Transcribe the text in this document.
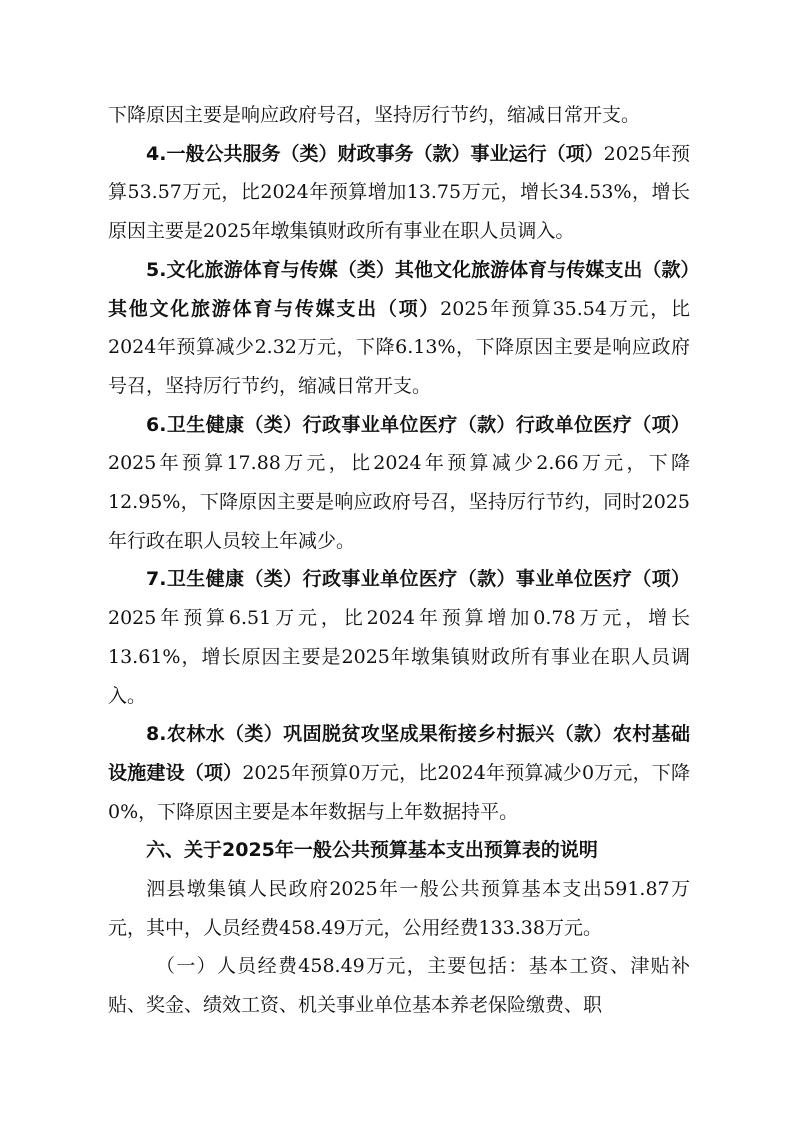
下降原因主要是响应政府号召，坚持厉行节约，缩减日常开支。

4.一般公共服务（类）财政事务（款）事业运行（项）2025年预算53.57万元，比2024年预算增加13.75万元，增长34.53%，增长原因主要是2025年墩集镇财政所有事业在职人员调入。

5.文化旅游体育与传媒（类）其他文化旅游体育与传媒支出（款）其他文化旅游体育与传媒支出（项）2025年预算35.54万元，比2024年预算减少2.32万元，下降6.13%，下降原因主要是响应政府号召，坚持厉行节约，缩减日常开支。

6.卫生健康（类）行政事业单位医疗（款）行政单位医疗（项）2025年预算17.88万元，比2024年预算减少2.66万元，下降12.95%，下降原因主要是响应政府号召，坚持厉行节约，同时2025年行政在职人员较上年减少。

7.卫生健康（类）行政事业单位医疗（款）事业单位医疗（项）2025年预算6.51万元，比2024年预算增加0.78万元，增长13.61%，增长原因主要是2025年墩集镇财政所有事业在职人员调入。

8.农林水（类）巩固脱贫攻坚成果衔接乡村振兴（款）农村基础设施建设（项）2025年预算0万元，比2024年预算减少0万元，下降0%，下降原因主要是本年数据与上年数据持平。

六、关于2025年一般公共预算基本支出预算表的说明

泗县墩集镇人民政府2025年一般公共预算基本支出591.87万元，其中，人员经费458.49万元，公用经费133.38万元。

（一）人员经费458.49万元，主要包括：基本工资、津贴补贴、奖金、绩效工资、机关事业单位基本养老保险缴费、职
